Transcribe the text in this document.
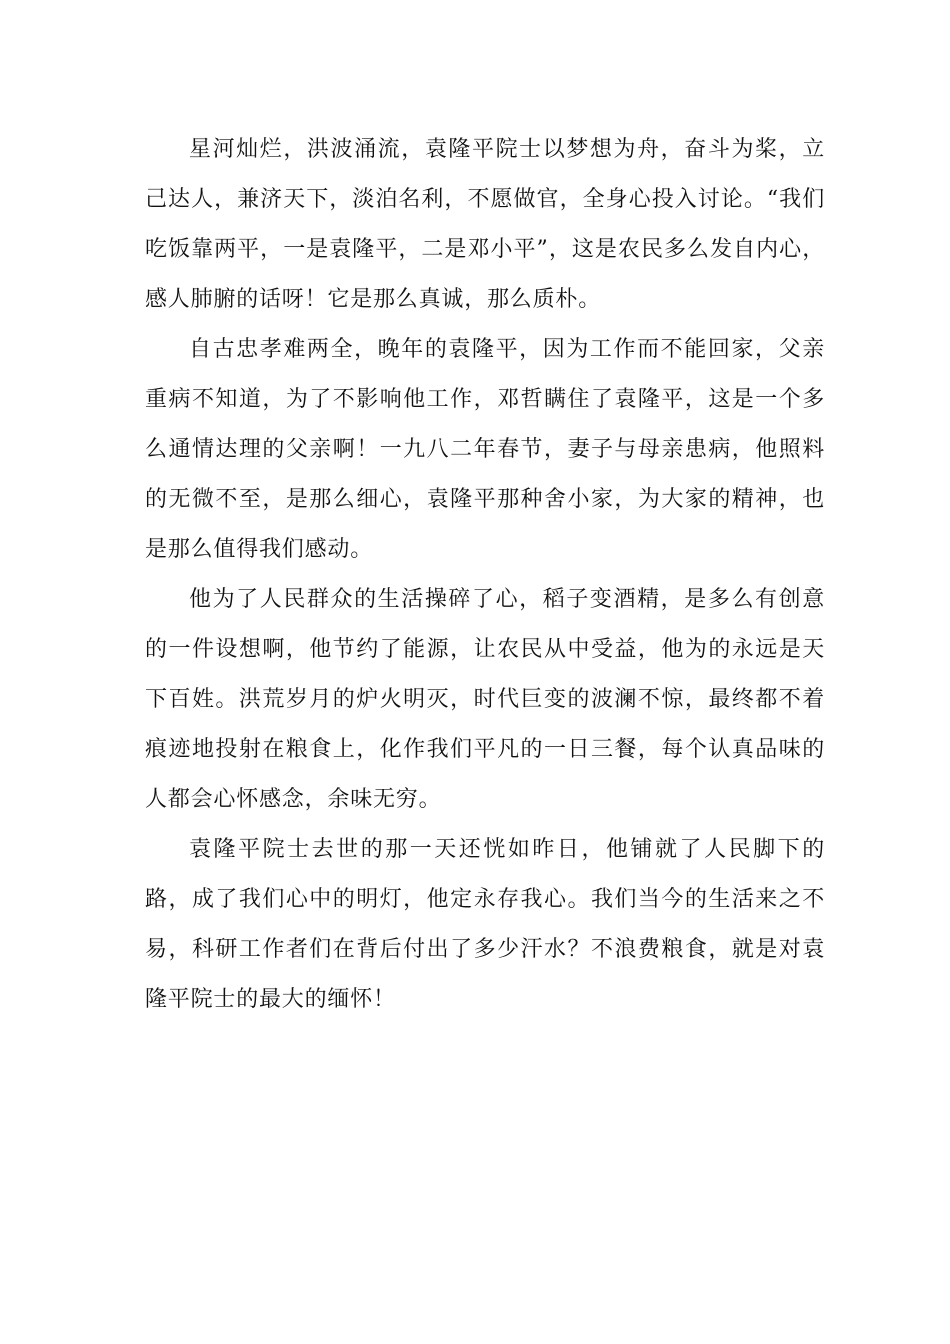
星河灿烂，洪波涌流，袁隆平院士以梦想为舟，奋斗为桨，立己达人，兼济天下，淡泊名利，不愿做官，全身心投入讨论。“我们吃饭靠两平，一是袁隆平，二是邓小平”，这是农民多么发自内心，感人肺腑的话呀！它是那么真诚，那么质朴。

自古忠孝难两全，晚年的袁隆平，因为工作而不能回家，父亲重病不知道，为了不影响他工作，邓哲瞒住了袁隆平，这是一个多么通情达理的父亲啊！一九八二年春节，妻子与母亲患病，他照料的无微不至，是那么细心，袁隆平那种舍小家，为大家的精神，也是那么值得我们感动。

他为了人民群众的生活操碎了心，稻子变酒精，是多么有创意的一件设想啊，他节约了能源，让农民从中受益，他为的永远是天下百姓。洪荒岁月的炉火明灭，时代巨变的波澜不惊，最终都不着痕迹地投射在粮食上，化作我们平凡的一日三餐，每个认真品味的人都会心怀感念，余味无穷。

袁隆平院士去世的那一天还恍如昨日，他铺就了人民脚下的路，成了我们心中的明灯，他定永存我心。我们当今的生活来之不易，科研工作者们在背后付出了多少汗水？不浪费粮食，就是对袁隆平院士的最大的缅怀！
